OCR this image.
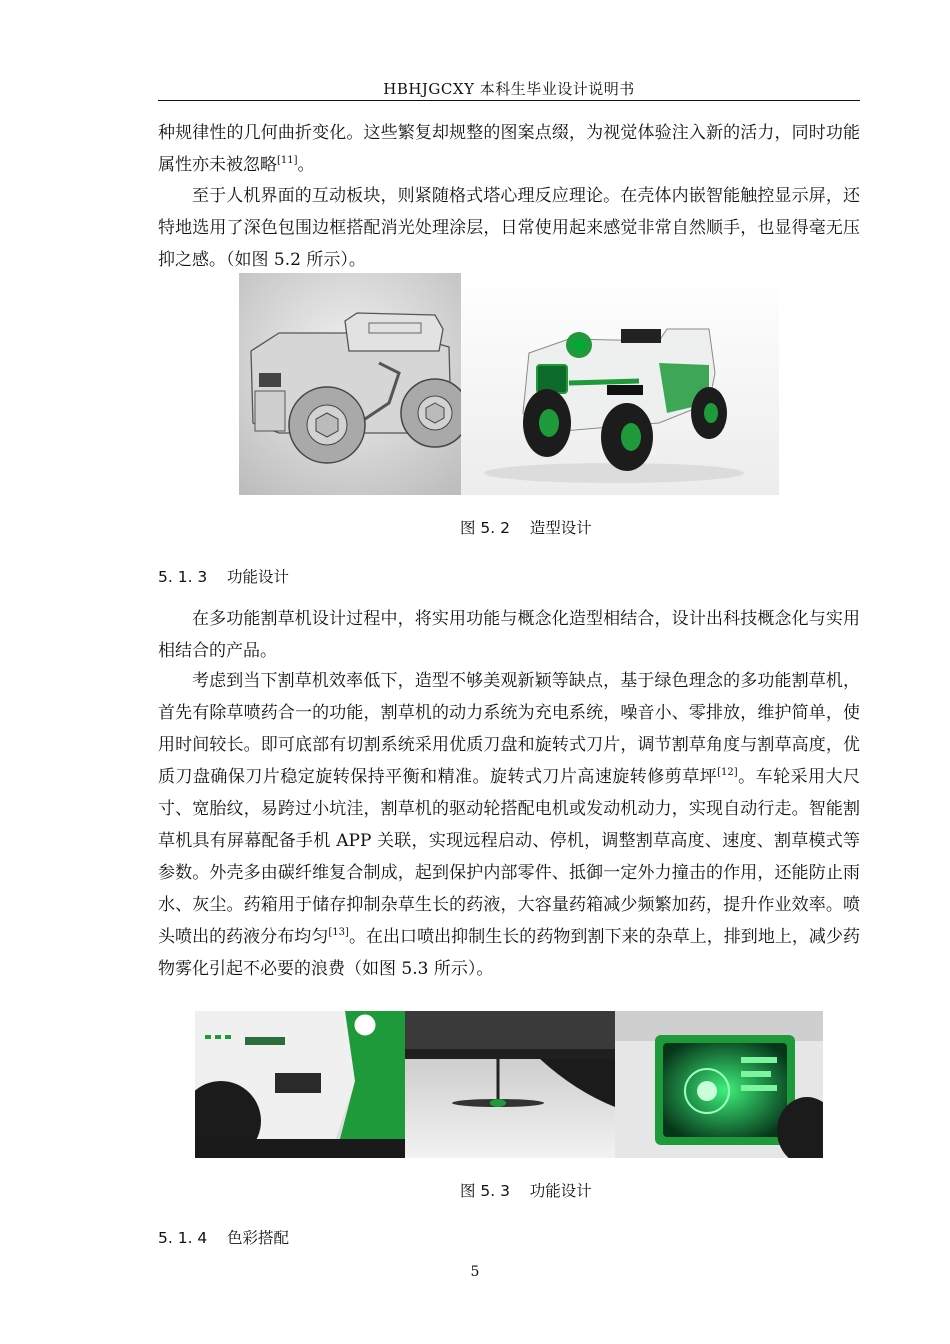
HBHJGCXY 本科生毕业设计说明书

种规律性的几何曲折变化。这些繁复却规整的图案点缀，为视觉体验注入新的活力，同时功能属性亦未被忽略[11]。

至于人机界面的互动板块，则紧随格式塔心理反应理论。在壳体内嵌智能触控显示屏，还特地选用了深色包围边框搭配消光处理涂层，日常使用起来感觉非常自然顺手，也显得毫无压抑之感。（如图 5.2 所示）。

图 5. 2    造型设计
5. 1. 3    功能设计

在多功能割草机设计过程中，将实用功能与概念化造型相结合，设计出科技概念化与实用相结合的产品。

考虑到当下割草机效率低下，造型不够美观新颖等缺点，基于绿色理念的多功能割草机，首先有除草喷药合一的功能，割草机的动力系统为充电系统，噪音小、零排放，维护简单，使用时间较长。即可底部有切割系统采用优质刀盘和旋转式刀片，调节割草角度与割草高度，优质刀盘确保刀片稳定旋转保持平衡和精准。旋转式刀片高速旋转修剪草坪[12]。车轮采用大尺寸、宽胎纹，易跨过小坑洼，割草机的驱动轮搭配电机或发动机动力，实现自动行走。智能割草机具有屏幕配备手机 APP 关联，实现远程启动、停机，调整割草高度、速度、割草模式等参数。外壳多由碳纤维复合制成，起到保护内部零件、抵御一定外力撞击的作用，还能防止雨水、灰尘。药箱用于储存抑制杂草生长的药液，大容量药箱减少频繁加药，提升作业效率。喷头喷出的药液分布均匀[13]。在出口喷出抑制生长的药物到割下来的杂草上，排到地上，减少药物雾化引起不必要的浪费（如图 5.3 所示）。

图 5. 3    功能设计
5. 1. 4    色彩搭配
5
